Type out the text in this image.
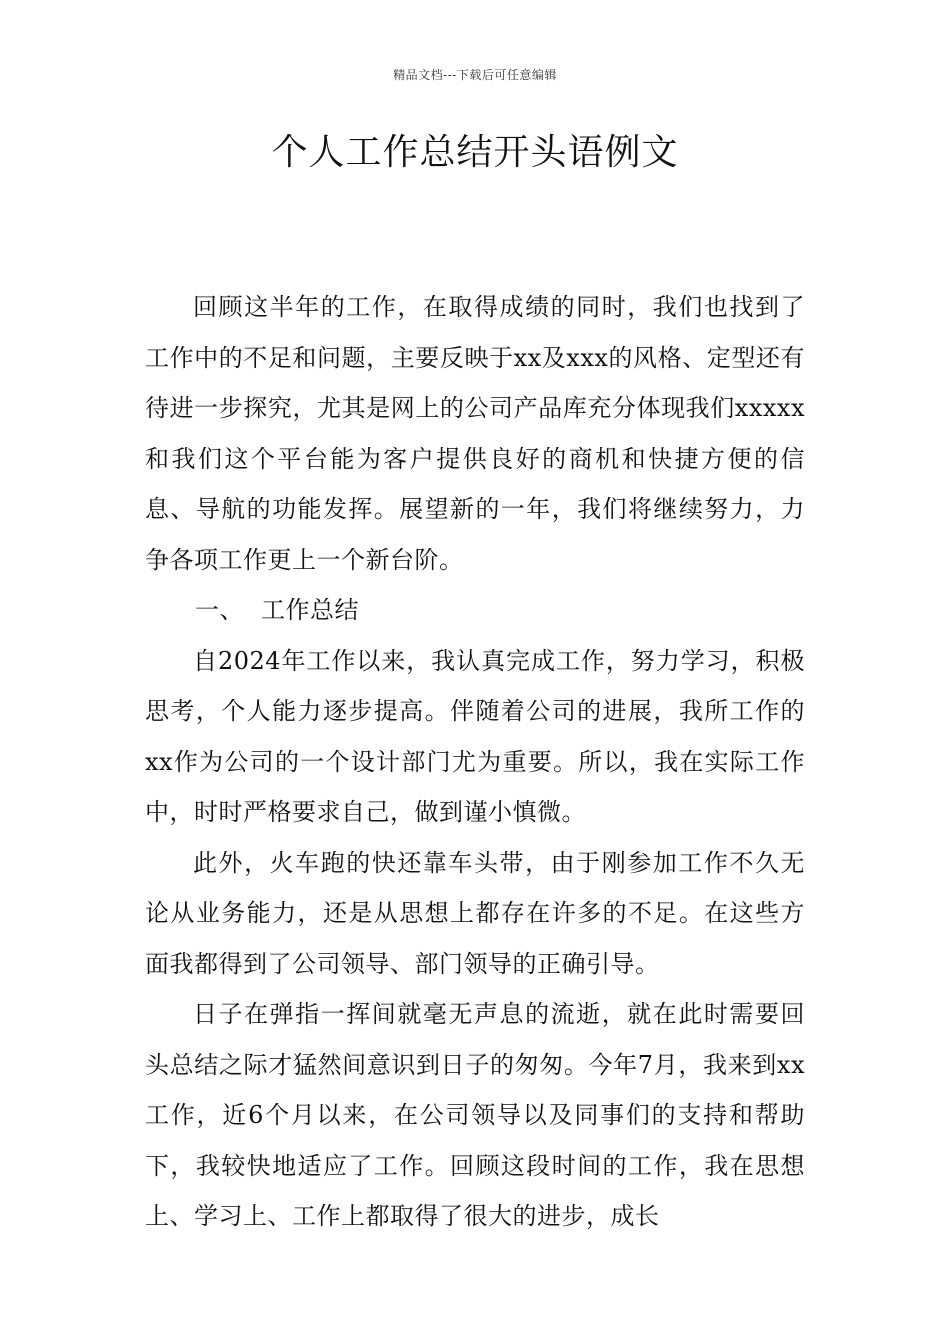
精品文档---下载后可任意编辑
个人工作总结开头语例文

回顾这半年的工作，在取得成绩的同时，我们也找到了工作中的不足和问题，主要反映于xx及xxx的风格、定型还有待进一步探究，尤其是网上的公司产品库充分体现我们xxxxx和我们这个平台能为客户提供良好的商机和快捷方便的信息、导航的功能发挥。展望新的一年，我们将继续努力，力争各项工作更上一个新台阶。

一、 工作总结

自2024年工作以来，我认真完成工作，努力学习，积极思考，个人能力逐步提高。伴随着公司的进展，我所工作的xx作为公司的一个设计部门尤为重要。所以，我在实际工作中，时时严格要求自己，做到谨小慎微。

此外，火车跑的快还靠车头带，由于刚参加工作不久无论从业务能力，还是从思想上都存在许多的不足。在这些方面我都得到了公司领导、部门领导的正确引导。

日子在弹指一挥间就毫无声息的流逝，就在此时需要回头总结之际才猛然间意识到日子的匆匆。今年7月，我来到xx工作，近6个月以来，在公司领导以及同事们的支持和帮助下，我较快地适应了工作。回顾这段时间的工作，我在思想上、学习上、工作上都取得了很大的进步，成长
